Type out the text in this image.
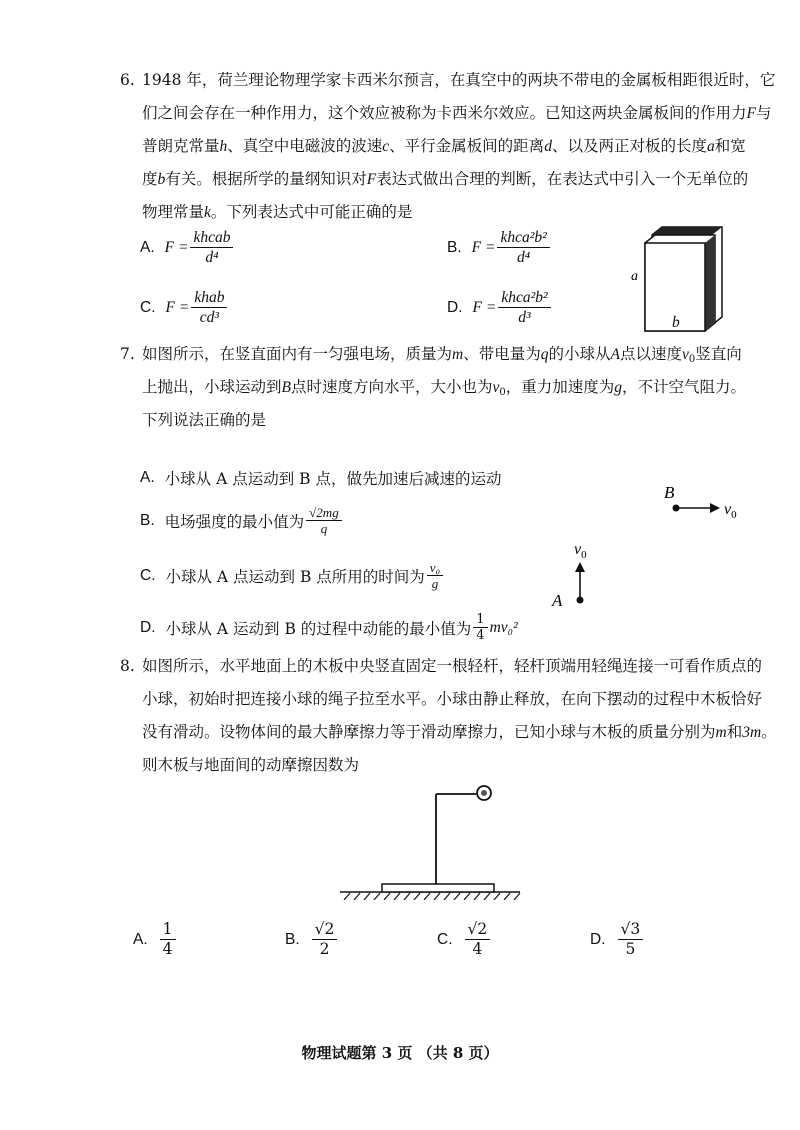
6. 1948 年，荷兰理论物理学家卡西米尔预言，在真空中的两块不带电的金属板相距很近时，它
们之间会存在一种作用力，这个效应被称为卡西米尔效应。已知这两块金属板间的作用力F与
普朗克常量h、真空中电磁波的波速c、平行金属板间的距离d、以及两正对板的长度a和宽
度b有关。根据所学的量纲知识对F表达式做出合理的判断，在表达式中引入一个无单位的
物理常量k。下列表达式中可能正确的是
A. $F = \frac{\text{khcab}}{\text{d⁴}}$	B. $F = \frac{\text{khca²b²}}{\text{d⁴}}$
C. $F = \frac{\text{khab}}{\text{cd³}}$	D. $F = \frac{\text{khca²b²}}{\text{d³}}$
a
b
7. 如图所示，在竖直面内有一匀强电场，质量为m、带电量为q的小球从A点以速度$v_0$竖直向
上抛出，小球运动到B点时速度方向水平，大小也为$v_0$，重力加速度为g，不计空气阻力。
下列说法正确的是
A. 小球从 A 点运动到 B 点，做先加速后减速的运动
B. 电场强度的最小值为 $\frac{√2mg}{q}$
C. 小球从 A 点运动到 B 点所用的时间为 $\frac{\text{v₀}}{g}$
D. 小球从 A 运动到 B 的过程中动能的最小值为 $\frac{1}{4} mv_0^2$
B
$v_0$
$v_0$
A
8. 如图所示，水平地面上的木板中央竖直固定一根轻杆，轻杆顶端用轻绳连接一可看作质点的
小球，初始时把连接小球的绳子拉至水平。小球由静止释放，在向下摆动的过程中木板恰好
没有滑动。设物体间的最大静摩擦力等于滑动摩擦力，已知小球与木板的质量分别为m和3m。
则木板与地面间的动摩擦因数为
A. $\frac{1}{4}$	B. $\frac{√2}{2}$	C. $\frac{√2}{4}$	D. $\frac{√3}{5}$
物理试题第 3 页 （共 8 页）
